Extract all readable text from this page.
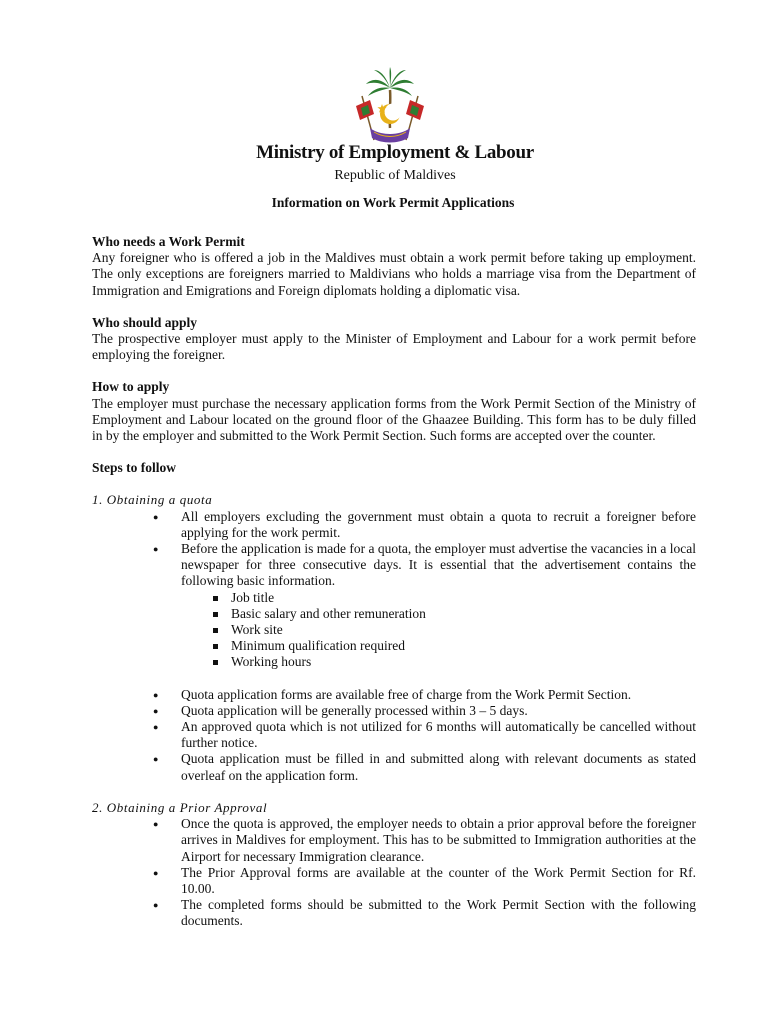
Ministry of Employment & Labour
Republic of Maldives
Information on Work Permit Applications
Who needs a Work Permit

Any foreigner who is offered a job in the Maldives must obtain a work permit before taking up employment. The only exceptions are foreigners married to Maldivians who holds a marriage visa from the Department of Immigration and Emigrations and Foreign diplomats holding a diplomatic visa.

Who should apply

The prospective employer must apply to the Minister of Employment and Labour for a work permit before employing the foreigner.

How to apply

The employer must purchase the necessary application forms from the Work Permit Section of the Ministry of Employment and Labour located on the ground floor of the Ghaazee Building. This form has to be duly filled in by the employer and submitted to the Work Permit Section. Such forms are accepted over the counter.

Steps to follow

1. Obtaining a quota

● All employers excluding the government must obtain a quota to recruit a foreigner before applying for the work permit.
● Before the application is made for a quota, the employer must advertise the vacancies in a local newspaper for three consecutive days. It is essential that the advertisement contains the following basic information.
Job title
Basic salary and other remuneration
Work site
Minimum qualification required
Working hours
● Quota application forms are available free of charge from the Work Permit Section.
● Quota application will be generally processed within 3 – 5 days.
● An approved quota which is not utilized for 6 months will automatically be cancelled without further notice.
● Quota application must be filled in and submitted along with relevant documents as stated overleaf on the application form.

2. Obtaining a Prior Approval

● Once the quota is approved, the employer needs to obtain a prior approval before the foreigner arrives in Maldives for employment. This has to be submitted to Immigration authorities at the Airport for necessary Immigration clearance.
● The Prior Approval forms are available at the counter of the Work Permit Section for Rf. 10.00.
● The completed forms should be submitted to the Work Permit Section with the following documents.
